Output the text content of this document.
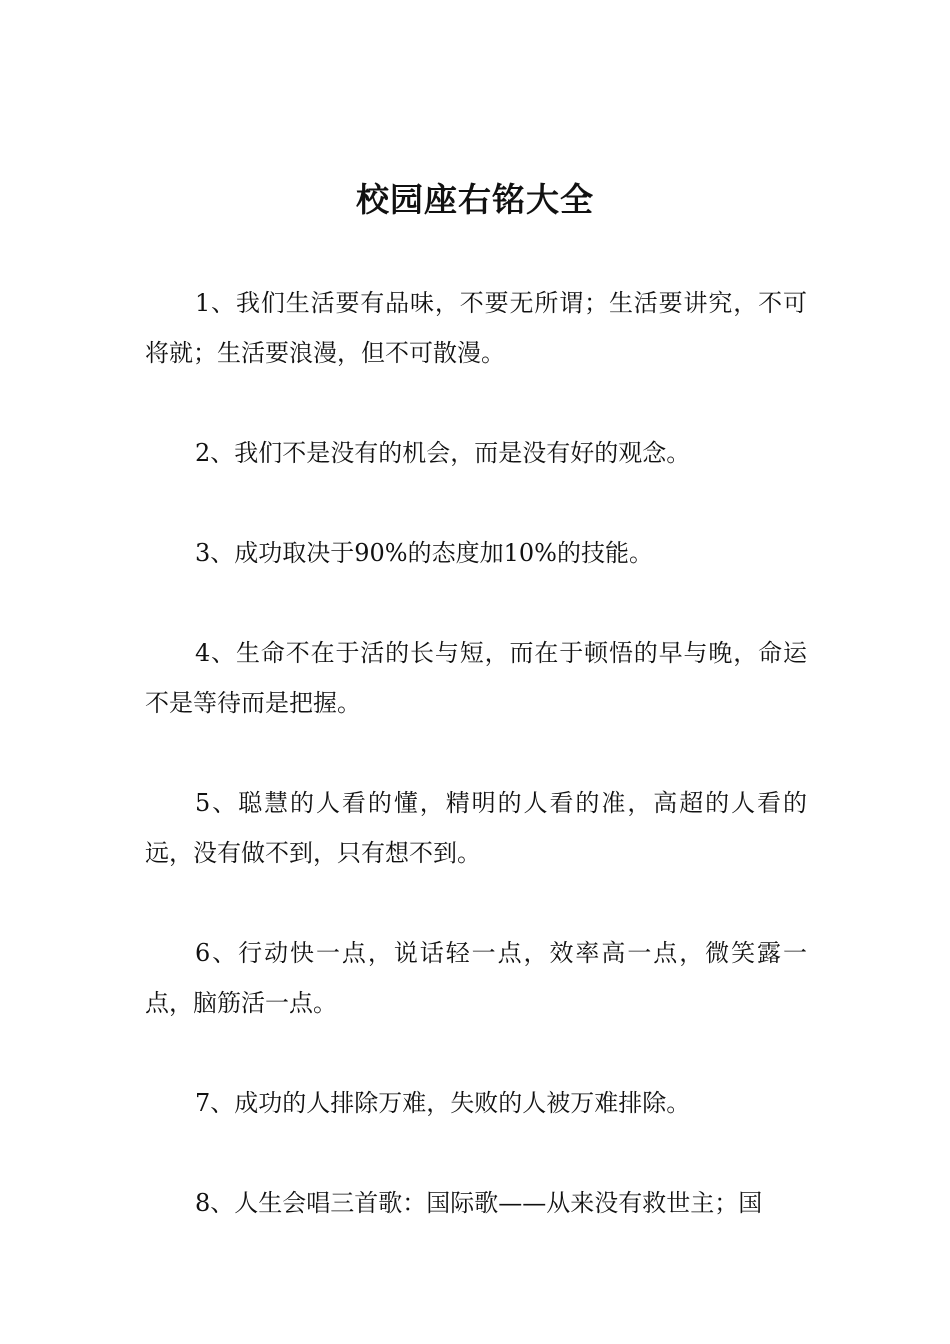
校园座右铭大全

1、我们生活要有品味，不要无所谓；生活要讲究，不可将就；生活要浪漫，但不可散漫。

2、我们不是没有的机会，而是没有好的观念。

3、成功取决于90%的态度加10%的技能。

4、生命不在于活的长与短，而在于顿悟的早与晚，命运不是等待而是把握。

5、聪慧的人看的懂，精明的人看的准，高超的人看的远，没有做不到，只有想不到。

6、行动快一点，说话轻一点，效率高一点，微笑露一点，脑筋活一点。

7、成功的人排除万难，失败的人被万难排除。

8、人生会唱三首歌：国际歌——从来没有救世主；国
